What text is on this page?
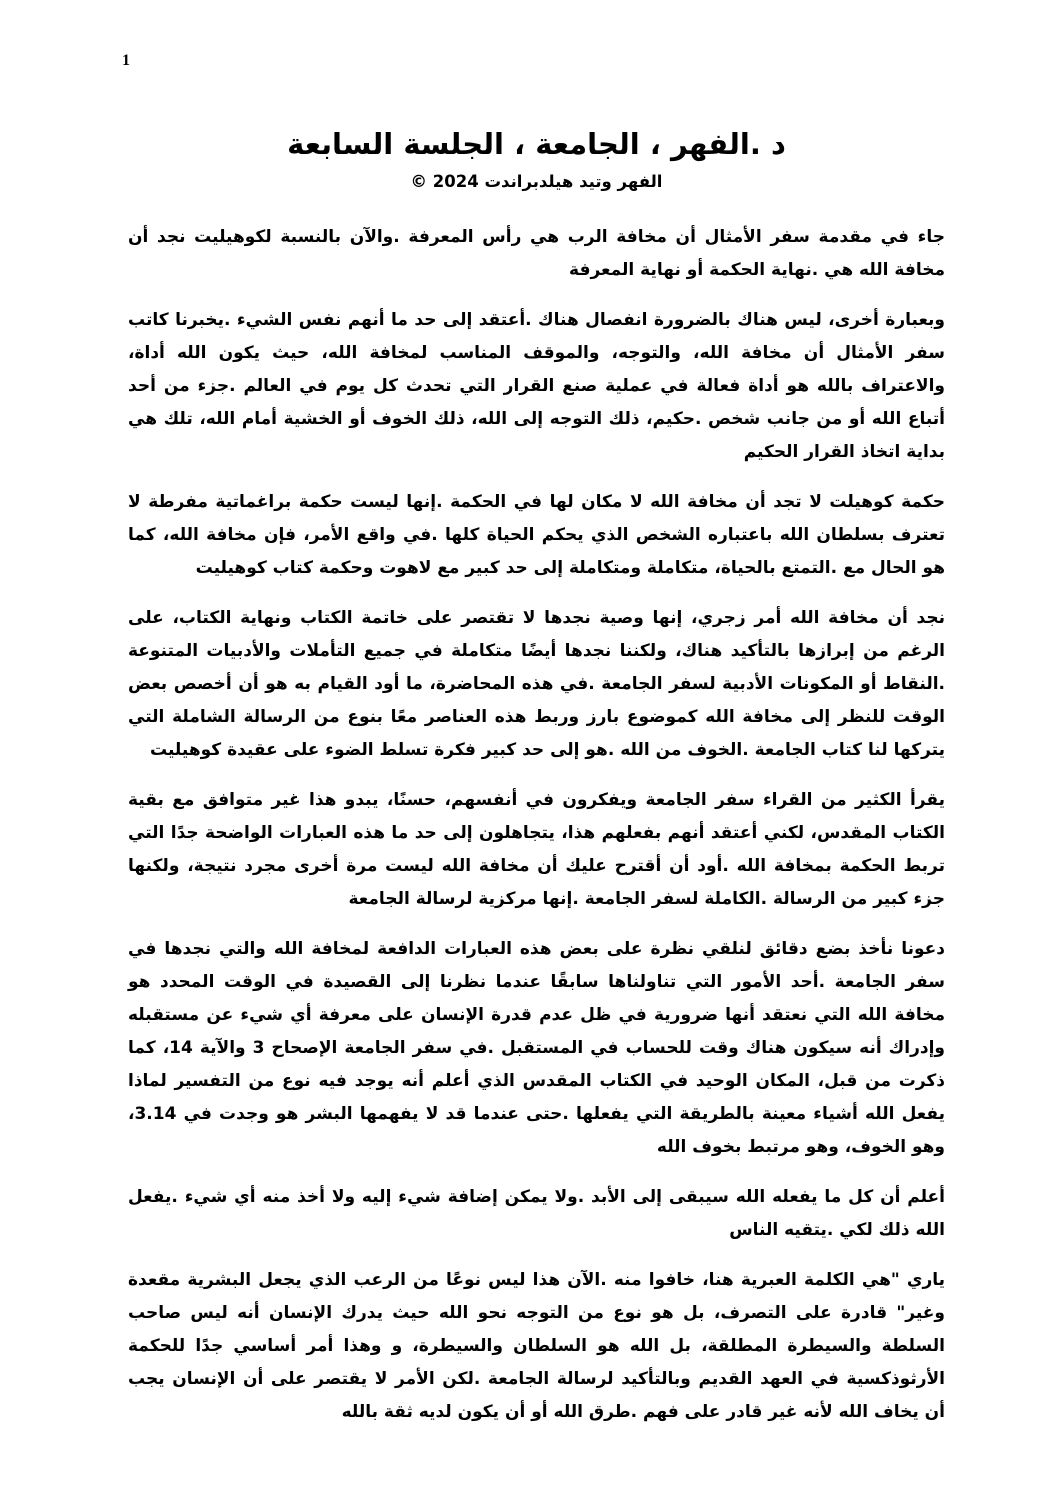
1
د .الفهر ، الجامعة ، الجلسة السابعة
الفهر وتيد هيلدبراندت 2024 ©

جاء في مقدمة سفر الأمثال أن مخافة الرب هي رأس المعرفة .والآن بالنسبة لكوهيليت نجد أن مخافة الله هي .نهاية الحكمة أو نهاية المعرفة

وبعبارة أخرى، ليس هناك بالضرورة انفصال هناك .أعتقد إلى حد ما أنهم نفس الشيء .يخبرنا كاتب سفر الأمثال أن مخافة الله، والتوجه، والموقف المناسب لمخافة الله، حيث يكون الله أداة، والاعتراف بالله هو أداة فعالة في عملية صنع القرار التي تحدث كل يوم في العالم .جزء من أحد أتباع الله أو من جانب شخص .حكيم، ذلك التوجه إلى الله، ذلك الخوف أو الخشية أمام الله، تلك هي بداية اتخاذ القرار الحكيم

حكمة كوهيلت لا تجد أن مخافة الله لا مكان لها في الحكمة .إنها ليست حكمة براغماتية مفرطة لا تعترف بسلطان الله باعتباره الشخص الذي يحكم الحياة كلها .في واقع الأمر، فإن مخافة الله، كما هو الحال مع .التمتع بالحياة، متكاملة ومتكاملة إلى حد كبير مع لاهوت وحكمة كتاب كوهيليت

نجد أن مخافة الله أمر زجري، إنها وصية نجدها لا تقتصر على خاتمة الكتاب ونهاية الكتاب، على الرغم من إبرازها بالتأكيد هناك، ولكننا نجدها أيضًا متكاملة في جميع التأملات والأدبيات المتنوعة .النقاط أو المكونات الأدبية لسفر الجامعة .في هذه المحاضرة، ما أود القيام به هو أن أخصص بعض الوقت للنظر إلى مخافة الله كموضوع بارز وربط هذه العناصر معًا بنوع من الرسالة الشاملة التي يتركها لنا كتاب الجامعة .الخوف من الله .هو إلى حد كبير فكرة تسلط الضوء على عقيدة كوهيليت

يقرأ الكثير من القراء سفر الجامعة ويفكرون في أنفسهم، حسنًا، يبدو هذا غير متوافق مع بقية الكتاب المقدس، لكني أعتقد أنهم بفعلهم هذا، يتجاهلون إلى حد ما هذه العبارات الواضحة جدًا التي تربط الحكمة بمخافة الله .أود أن أقترح عليك أن مخافة الله ليست مرة أخرى مجرد نتيجة، ولكنها جزء كبير من الرسالة .الكاملة لسفر الجامعة .إنها مركزية لرسالة الجامعة

دعونا نأخذ بضع دقائق لنلقي نظرة على بعض هذه العبارات الدافعة لمخافة الله والتي نجدها في سفر الجامعة .أحد الأمور التي تناولناها سابقًا عندما نظرنا إلى القصيدة في الوقت المحدد هو مخافة الله التي نعتقد أنها ضرورية في ظل عدم قدرة الإنسان على معرفة أي شيء عن مستقبله وإدراك أنه سيكون هناك وقت للحساب في المستقبل .في سفر الجامعة الإصحاح 3 والآية 14، كما ذكرت من قبل، المكان الوحيد في الكتاب المقدس الذي أعلم أنه يوجد فيه نوع من التفسير لماذا يفعل الله أشياء معينة بالطريقة التي يفعلها .حتى عندما قد لا يفهمها البشر هو وجدت في 3.14، وهو الخوف، وهو مرتبط بخوف الله

أعلم أن كل ما يفعله الله سيبقى إلى الأبد .ولا يمكن إضافة شيء إليه ولا أخذ منه أي شيء .يفعل الله ذلك لكي .يتقيه الناس

ياري "هي الكلمة العبرية هنا، خافوا منه .الآن هذا ليس نوعًا من الرعب الذي يجعل البشرية مقعدة وغير" قادرة على التصرف، بل هو نوع من التوجه نحو الله حيث يدرك الإنسان أنه ليس صاحب السلطة والسيطرة المطلقة، بل الله هو السلطان والسيطرة، و وهذا أمر أساسي جدًا للحكمة الأرثوذكسية في العهد القديم وبالتأكيد لرسالة الجامعة .لكن الأمر لا يقتصر على أن الإنسان يجب أن يخاف الله لأنه غير قادر على فهم .طرق الله أو أن يكون لديه ثقة بالله
